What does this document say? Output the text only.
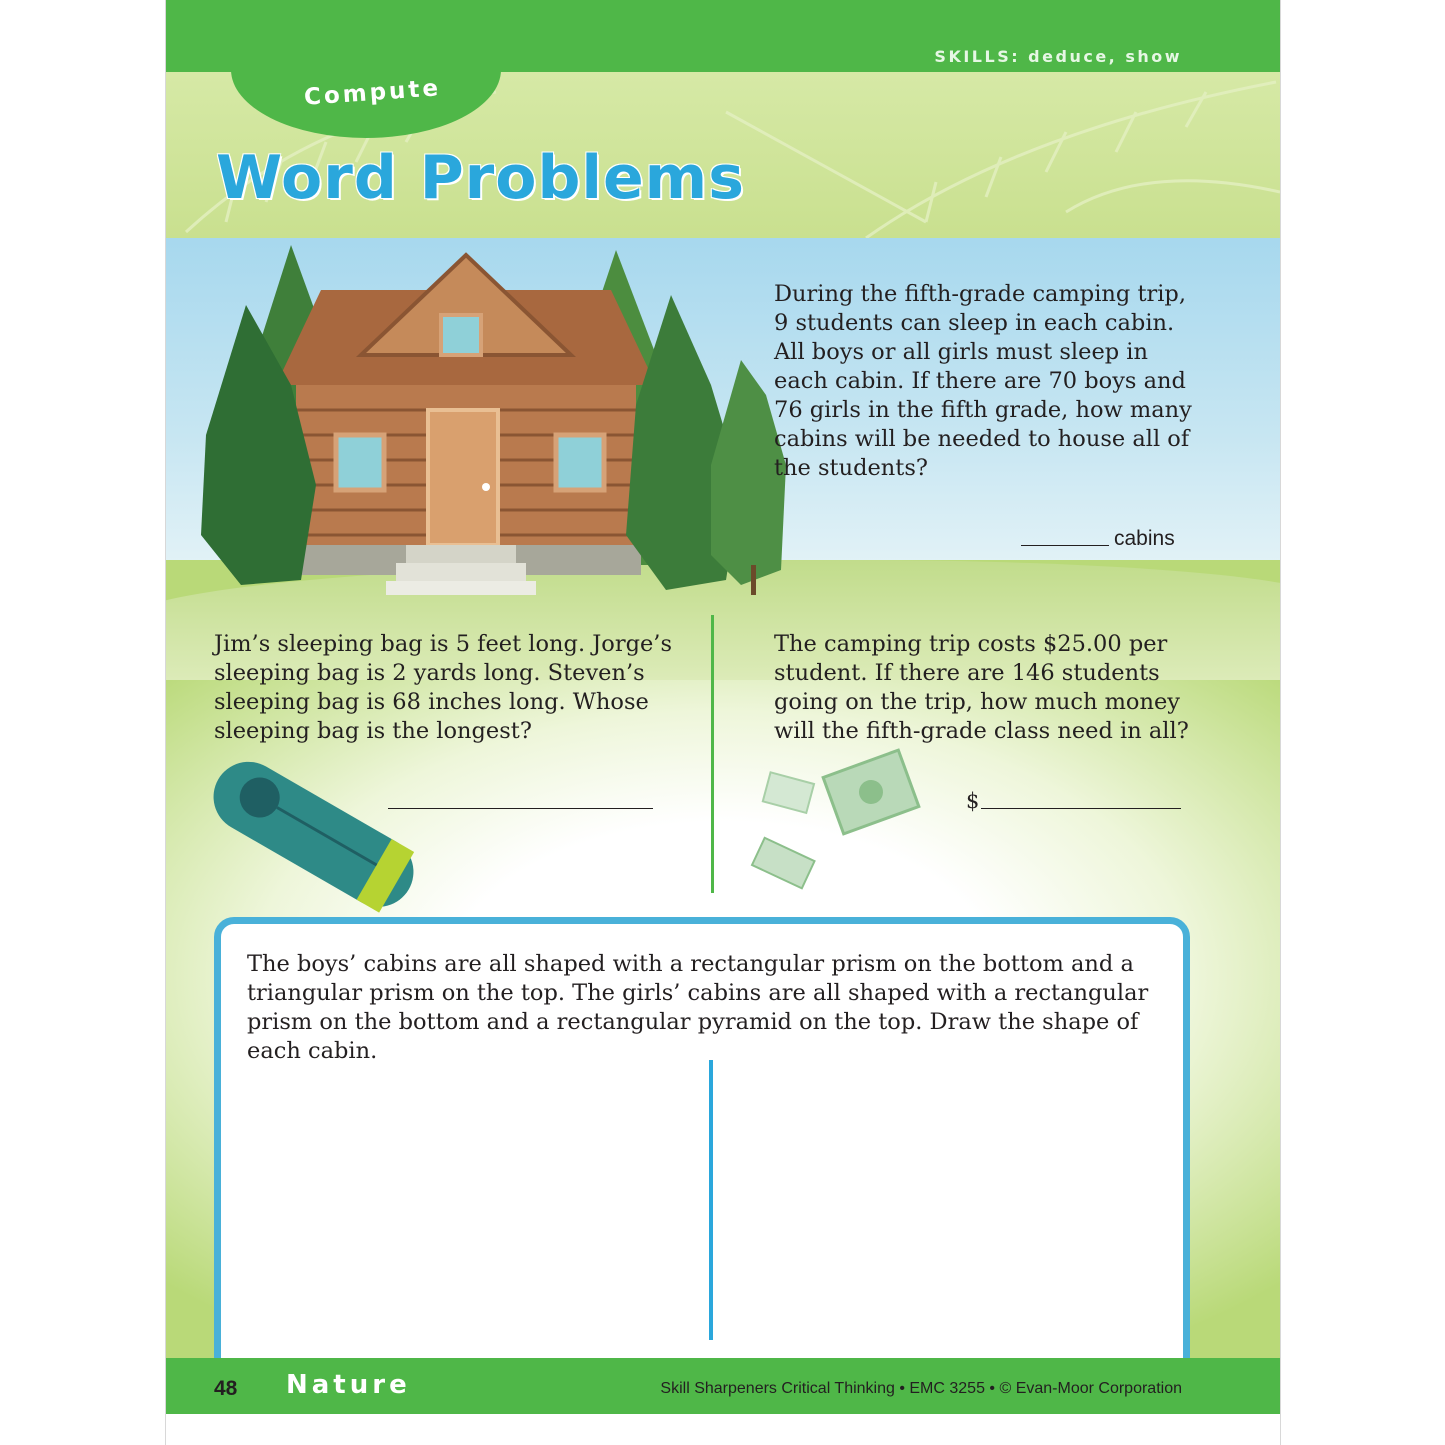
SKILLS: deduce, show
Compute
Word Problems

During the fifth-grade camping trip, 9 students can sleep in each cabin. All boys or all girls must sleep in each cabin. If there are 70 boys and 76 girls in the fifth grade, how many cabins will be needed to house all of the students?

cabins

Jim’s sleeping bag is 5 feet long. Jorge’s sleeping bag is 2 yards long. Steven’s sleeping bag is 68 inches long. Whose sleeping bag is the longest?

The camping trip costs $25.00 per student. If there are 146 students going on the trip, how much money will the fifth-grade class need in all?

$

The boys’ cabins are all shaped with a rectangular prism on the bottom and a triangular prism on the top. The girls’ cabins are all shaped with a rectangular prism on the bottom and a rectangular pyramid on the top. Draw the shape of each cabin.

48 Nature	Skill Sharpeners Critical Thinking • EMC 3255 • © Evan-Moor Corporation
